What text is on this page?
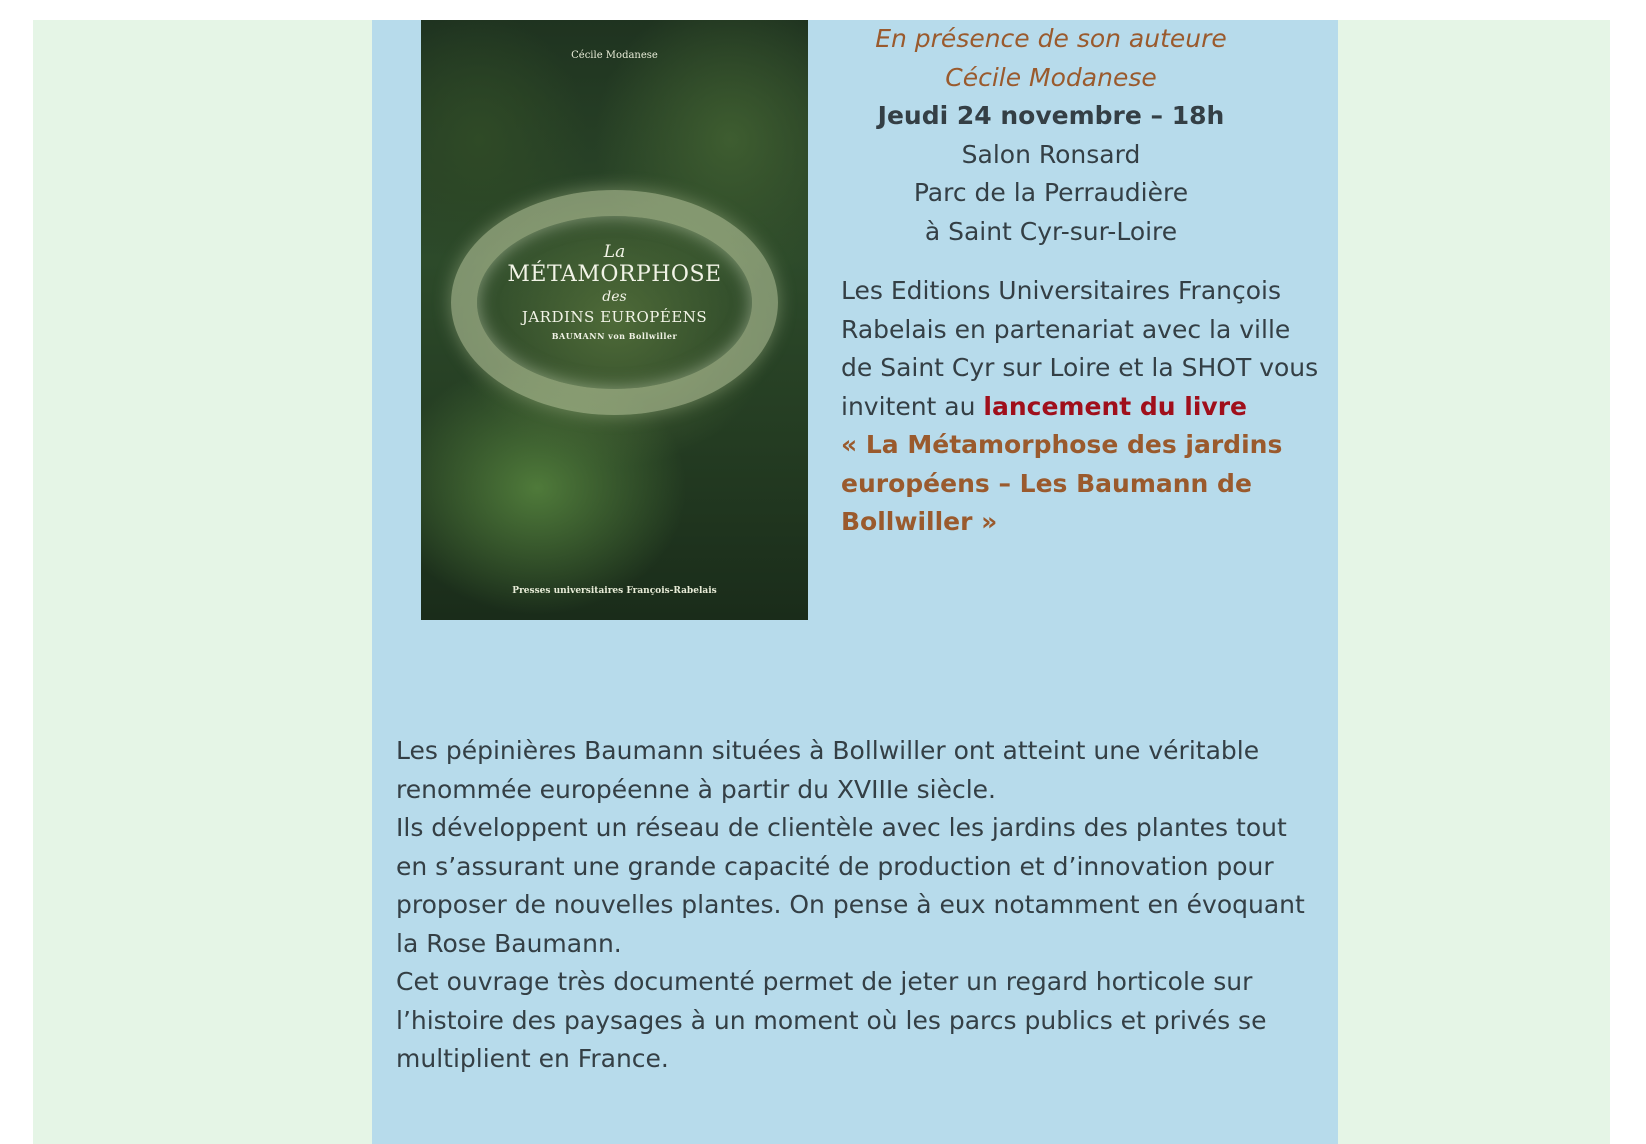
Cécile Modanese
La
MÉTAMORPHOSE
des
JARDINS EUROPÉENS
BAUMANN von Bollwiller
Presses universitaires François-Rabelais
En présence de son auteure
Cécile Modanese
Jeudi 24 novembre – 18h
Salon Ronsard
Parc de la Perraudière
à Saint Cyr-sur-Loire
Les Editions Universitaires François Rabelais en partenariat avec la ville de Saint Cyr sur Loire et la SHOT vous invitent au lancement du livre
« La Métamorphose des jardins européens – Les Baumann de Bollwiller »

Les pépinières Baumann situées à Bollwiller ont atteint une véritable renommée européenne à partir du XVIIIe siècle.

Ils développent un réseau de clientèle avec les jardins des plantes tout en s’assurant une grande capacité de production et d’innovation pour proposer de nouvelles plantes. On pense à eux notamment en évoquant la Rose Baumann.

Cet ouvrage très documenté permet de jeter un regard horticole sur l’histoire des paysages à un moment où les parcs publics et privés se multiplient en France.
